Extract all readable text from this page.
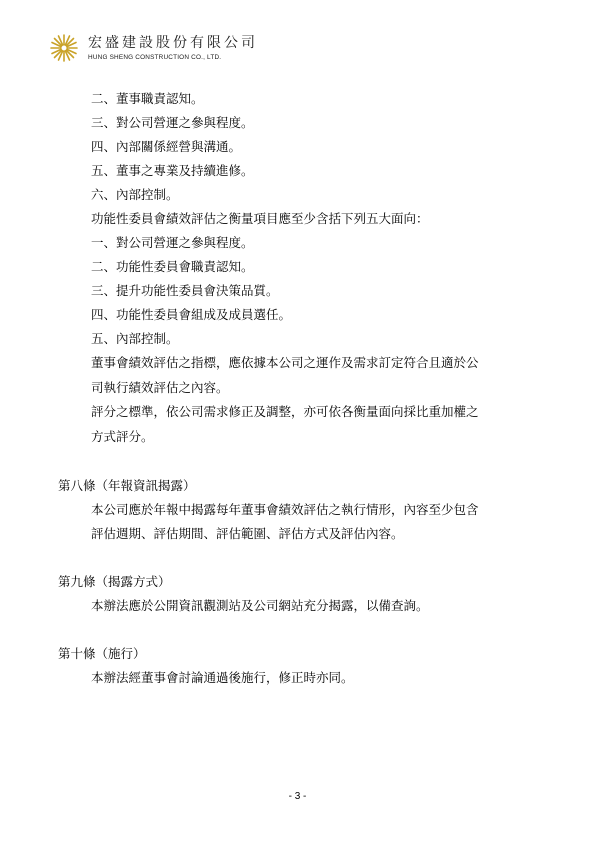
宏盛建設股份有限公司
HUNG SHENG CONSTRUCTION CO., LTD.
二、董事職責認知。
三、對公司營運之參與程度。
四、內部關係經營與溝通。
五、董事之專業及持續進修。
六、內部控制。
功能性委員會績效評估之衡量項目應至少含括下列五大面向：
一、對公司營運之參與程度。
二、功能性委員會職責認知。
三、提升功能性委員會決策品質。
四、功能性委員會組成及成員選任。
五、內部控制。
董事會績效評估之指標，應依據本公司之運作及需求訂定符合且適於公
司執行績效評估之內容。
評分之標準，依公司需求修正及調整，亦可依各衡量面向採比重加權之
方式評分。
第八條（年報資訊揭露）
本公司應於年報中揭露每年董事會績效評估之執行情形，內容至少包含
評估週期、評估期間、評估範圍、評估方式及評估內容。
第九條（揭露方式）
本辦法應於公開資訊觀測站及公司網站充分揭露，以備查詢。
第十條（施行）
本辦法經董事會討論通過後施行，修正時亦同。
- 3 -
